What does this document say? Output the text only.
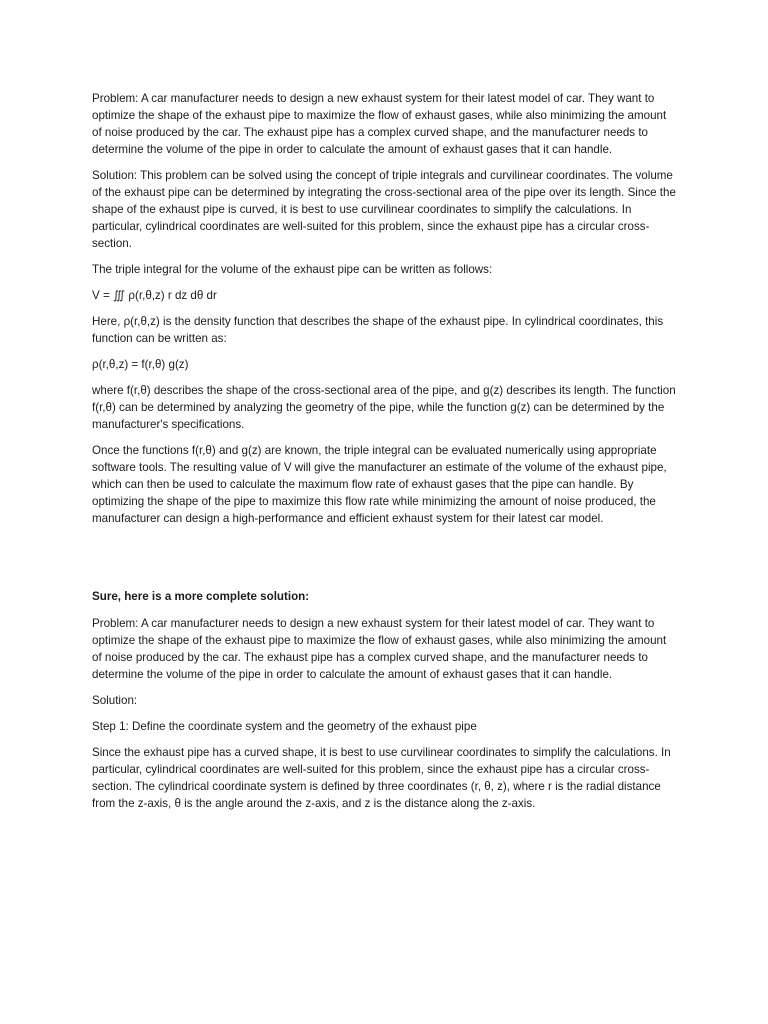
Problem: A car manufacturer needs to design a new exhaust system for their latest model of car. They want to optimize the shape of the exhaust pipe to maximize the flow of exhaust gases, while also minimizing the amount of noise produced by the car. The exhaust pipe has a complex curved shape, and the manufacturer needs to determine the volume of the pipe in order to calculate the amount of exhaust gases that it can handle.

Solution: This problem can be solved using the concept of triple integrals and curvilinear coordinates. The volume of the exhaust pipe can be determined by integrating the cross-sectional area of the pipe over its length. Since the shape of the exhaust pipe is curved, it is best to use curvilinear coordinates to simplify the calculations. In particular, cylindrical coordinates are well-suited for this problem, since the exhaust pipe has a circular cross-section.

The triple integral for the volume of the exhaust pipe can be written as follows:

V = ∭ ρ(r,θ,z) r dz dθ dr

Here, ρ(r,θ,z) is the density function that describes the shape of the exhaust pipe. In cylindrical coordinates, this function can be written as:

ρ(r,θ,z) = f(r,θ) g(z)

where f(r,θ) describes the shape of the cross-sectional area of the pipe, and g(z) describes its length. The function f(r,θ) can be determined by analyzing the geometry of the pipe, while the function g(z) can be determined by the manufacturer's specifications.

Once the functions f(r,θ) and g(z) are known, the triple integral can be evaluated numerically using appropriate software tools. The resulting value of V will give the manufacturer an estimate of the volume of the exhaust pipe, which can then be used to calculate the maximum flow rate of exhaust gases that the pipe can handle. By optimizing the shape of the pipe to maximize this flow rate while minimizing the amount of noise produced, the manufacturer can design a high-performance and efficient exhaust system for their latest car model.

Sure, here is a more complete solution:

Problem: A car manufacturer needs to design a new exhaust system for their latest model of car. They want to optimize the shape of the exhaust pipe to maximize the flow of exhaust gases, while also minimizing the amount of noise produced by the car. The exhaust pipe has a complex curved shape, and the manufacturer needs to determine the volume of the pipe in order to calculate the amount of exhaust gases that it can handle.

Solution:

Step 1: Define the coordinate system and the geometry of the exhaust pipe

Since the exhaust pipe has a curved shape, it is best to use curvilinear coordinates to simplify the calculations. In particular, cylindrical coordinates are well-suited for this problem, since the exhaust pipe has a circular cross-section. The cylindrical coordinate system is defined by three coordinates (r, θ, z), where r is the radial distance from the z-axis, θ is the angle around the z-axis, and z is the distance along the z-axis.
